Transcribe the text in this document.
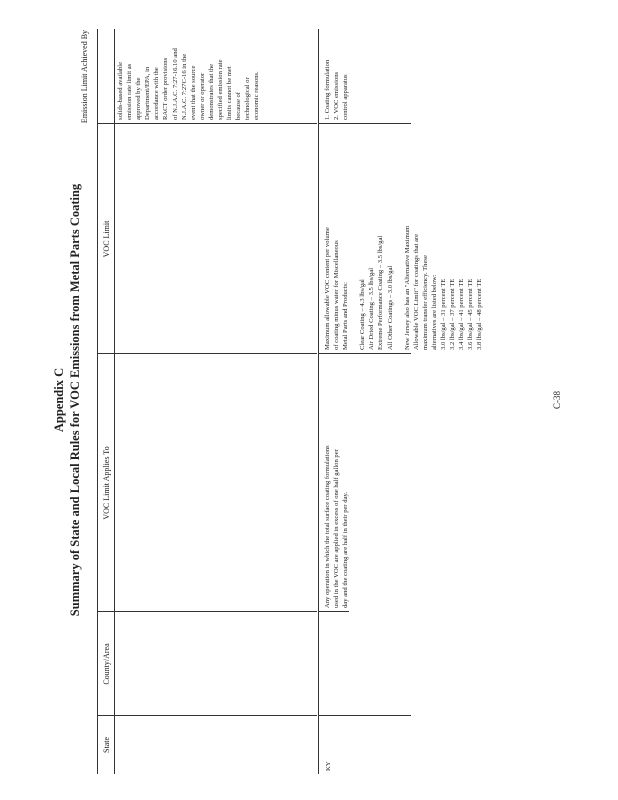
Appendix C Summary of State and Local Rules for VOC Emissions from Metal Parts Coating
State
County/Area
VOC Limit Applies To
VOC Limit
Emission Limit Achieved By	solids-based available emission rate limit as approved by the Department/EPA, in accordance with the RACT order provisions of N.J.A.C. 7:27-16.10 and N.J.A.C. 7:27C-16 in the event that the source owner or operator demonstrates that the specified emission rate limits cannot be met because of technological or economic reasons.
KY
Any operation in which the total surface coating formulations used in the VOC are applied in excess of one half gallon per day and the coating are half in their per day.
Maximum allowable VOC content per volume of coating minus water for Miscellaneous Metal Parts and Products: Clear Coating – 4.3 lbs/gal Air Dried Coating – 3.5 lbs/gal Extreme Performance Coating – 3.5 lbs/gal All Other Coatings – 3.0 lbs/gal New Jersey also has an "Alternative Maximum Allowable VOC Limit" for coatings that are maximum transfer efficiency. These alternatives are listed below: 3.0 lbs/gal – 31 percent TE 3.2 lbs/gal – 37 percent TE 3.4 lbs/gal – 41 percent TE 3.6 lbs/gal – 45 percent TE 3.8 lbs/gal – 48 percent TE
1. Coating formulation 2. VOC emissions control apparatus
C-38
